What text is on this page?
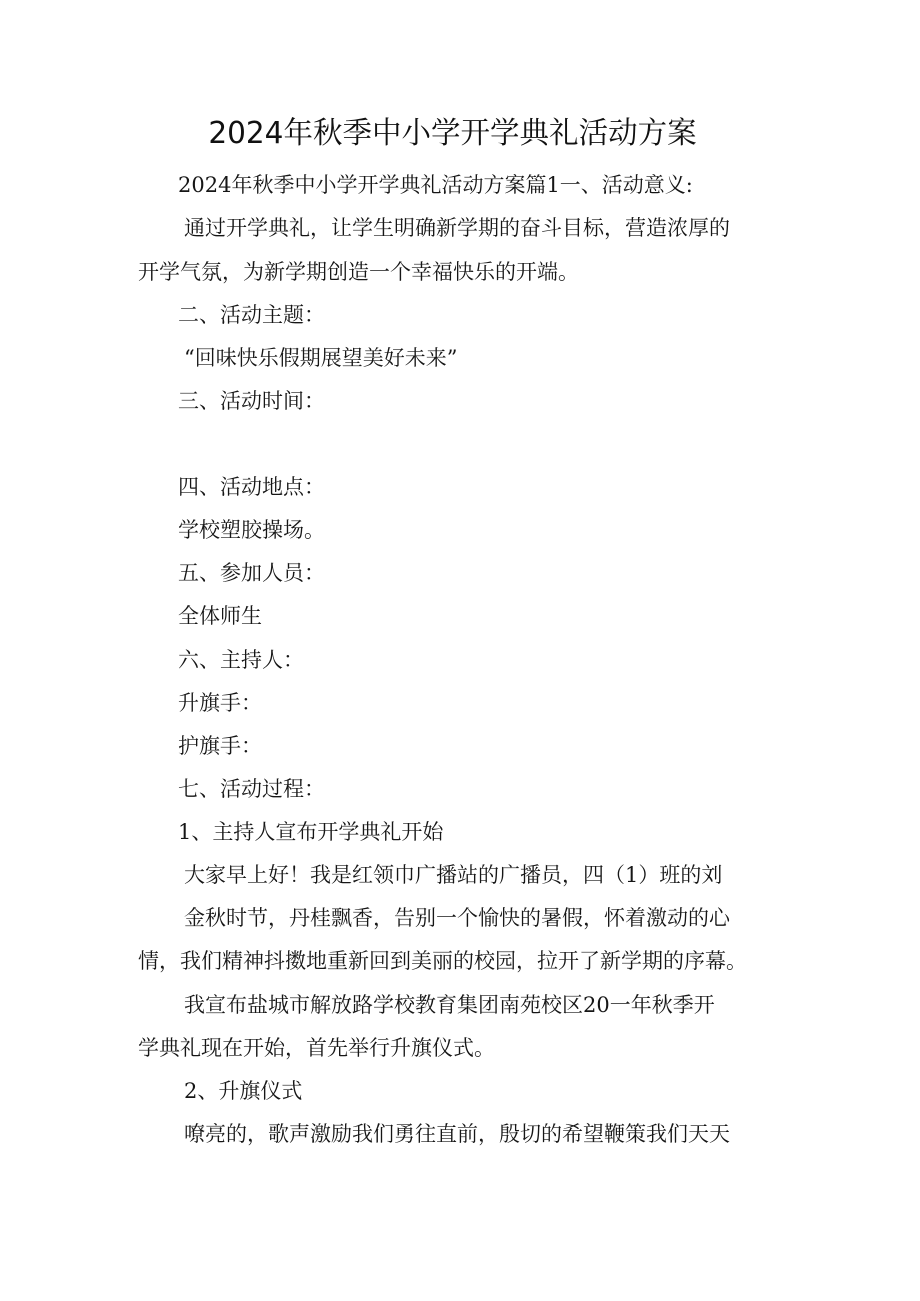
2024年秋季中小学开学典礼活动方案
2024年秋季中小学开学典礼活动方案篇1一、活动意义:
通过开学典礼，让学生明确新学期的奋斗目标，营造浓厚的
开学气氛，为新学期创造一个幸福快乐的开端。
二、活动主题：
“回味快乐假期展望美好未来”
三、活动时间：
四、活动地点：
学校塑胶操场。
五、参加人员：
全体师生
六、主持人：
升旗手：
护旗手：
七、活动过程：
1、主持人宣布开学典礼开始
大家早上好！我是红领巾广播站的广播员，四（1）班的刘
金秋时节，丹桂飘香，告别一个愉快的暑假，怀着激动的心
情，我们精神抖擞地重新回到美丽的校园，拉开了新学期的序幕。
我宣布盐城市解放路学校教育集团南苑校区20一年秋季开
学典礼现在开始，首先举行升旗仪式。
2、升旗仪式
嘹亮的，歌声激励我们勇往直前，殷切的希望鞭策我们天天
